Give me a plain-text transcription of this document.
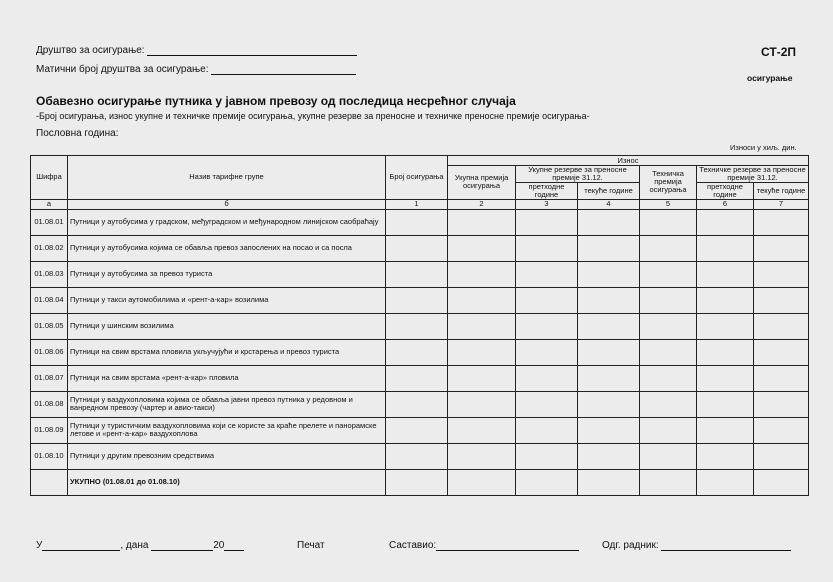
Друштво за осигурање:
Матични број друштва за осигурање:
СТ-2П
осигурање
Обавезно осигурање путника у јавном превозу од последица несрећног случаја
-Број осигурања, износ укупне и техничке премије осигурања, укупне резерве за преносне и техничке преносне премије осигурања-
Пословна година:
Износи у хиљ. дин.
Шифра	Назив тарифне групе	Број осигурања	Износ					
			Укупна премија осигурања	Укупне резерве за преносне премије 31.12.		Техничка премија осигурања	Техничке резерве за преносне премије 31.12.	
				претходне године	текуће године		претходне године	текуће године
а	б	1	2	3	4	5	6	7
01.08.01	Путници у аутобусима у градском, међуградском и међународном линијском саобраћају							
01.08.02	Путници у аутобусима којима се обавља превоз запослених на посао и са посла							
01.08.03	Путници у аутобусима за превоз туриста							
01.08.04	Путници у такси аутомобилима и «рент-а-кар» возилима							
01.08.05	Путници у шинским возилима							
01.08.06	Путници на свим врстама пловила укључујући и крстарења и превоз туриста							
01.08.07	Путници на свим врстама «рент-а-кар» пловила							
01.08.08	Путници у ваздухопловима којима се обавља јавни превоз путника у редовном и ванредном превозу (чартер и авио-такси)							
01.08.09	Путници у туристичким ваздухопловима који се користе за краће прелете и панорамске летове и «рент-а-кар» ваздухоплова							
01.08.10	Путници у другим превозним средствима							
	УКУПНО (01.08.01 до 01.08.10)							
У	, дана	20	Печат	Саставио:	Одг. радник:
